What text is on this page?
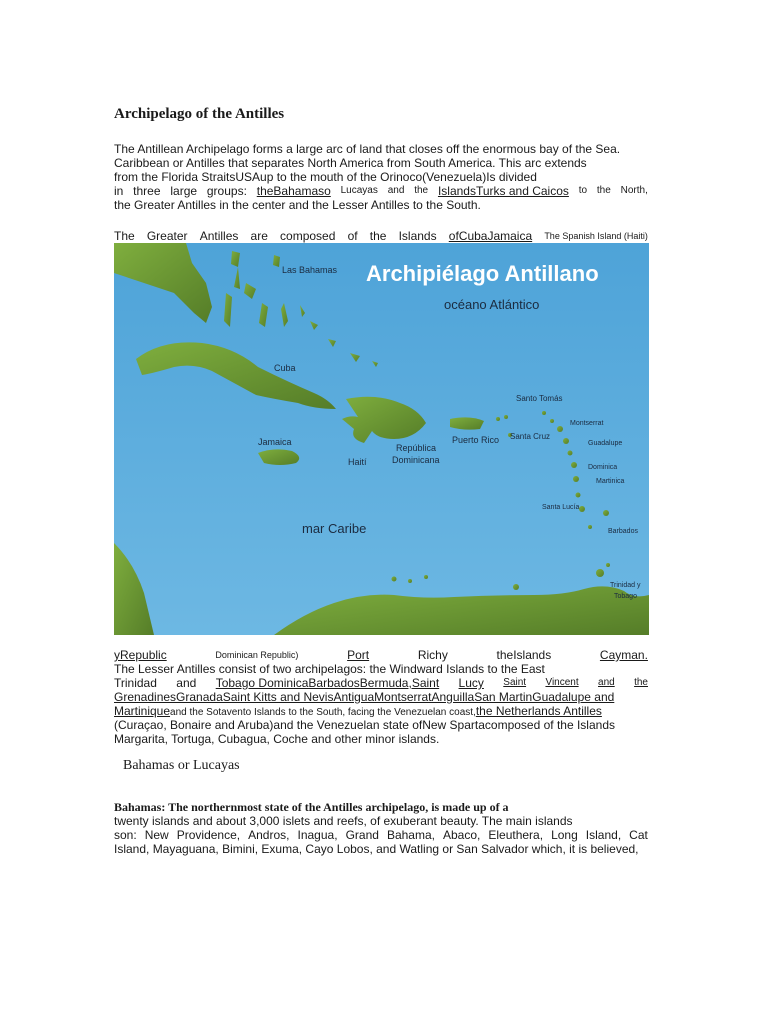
Archipelago of the Antilles
The Antillean Archipelago forms a large arc of land that closes off the enormous bay of the Sea.
Caribbean or Antilles that separates North America from South America. This arc extends
from the Florida StraitsUSAup to the mouth of the Orinoco(Venezuela)Is divided
in three large groups: theBahamaso Lucayas and the IslandsTurks and Caicos to the North,
the Greater Antilles in the center and the Lesser Antilles to the South.
The Greater Antilles are composed of the Islands ofCubaJamaica The Spanish Island (Haiti)
Archipiélago Antillano
Las Bahamas
océano Atlántico
Cuba
Jamaica
Haití
República
Dominicana
Puerto Rico
Santo Tomás
Santa Cruz
Montserrat
Guadalupe
Dominica
Martinica
Santa Lucía
Barbados
mar Caribe
Trinidad y
Tobago
yRepublic	Dominican Republic)	Port	Richy	theIslands	Cayman.
The Lesser Antilles consist of two archipelagos: the Windward Islands to the East
Trinidad and Tobago DominicaBarbadosBermuda,Saint Lucy Saint Vincent and the
GrenadinesGranadaSaint Kitts and NevisAntiguaMontserratAnguillaSan MartinGuadalupe and
Martiniqueand the Sotavento Islands to the South, facing the Venezuelan coast,the Netherlands Antilles
(Curaçao, Bonaire and Aruba)and the Venezuelan state ofNew Spartacomposed of the Islands
Margarita, Tortuga, Cubagua, Coche and other minor islands.
Bahamas or Lucayas
Bahamas: The northernmost state of the Antilles archipelago, is made up of a
twenty islands and about 3,000 islets and reefs, of exuberant beauty. The main islands
son: New Providence, Andros, Inagua, Grand Bahama, Abaco, Eleuthera, Long Island, Cat
Island, Mayaguana, Bimini, Exuma, Cayo Lobos, and Watling or San Salvador which, it is believed,
